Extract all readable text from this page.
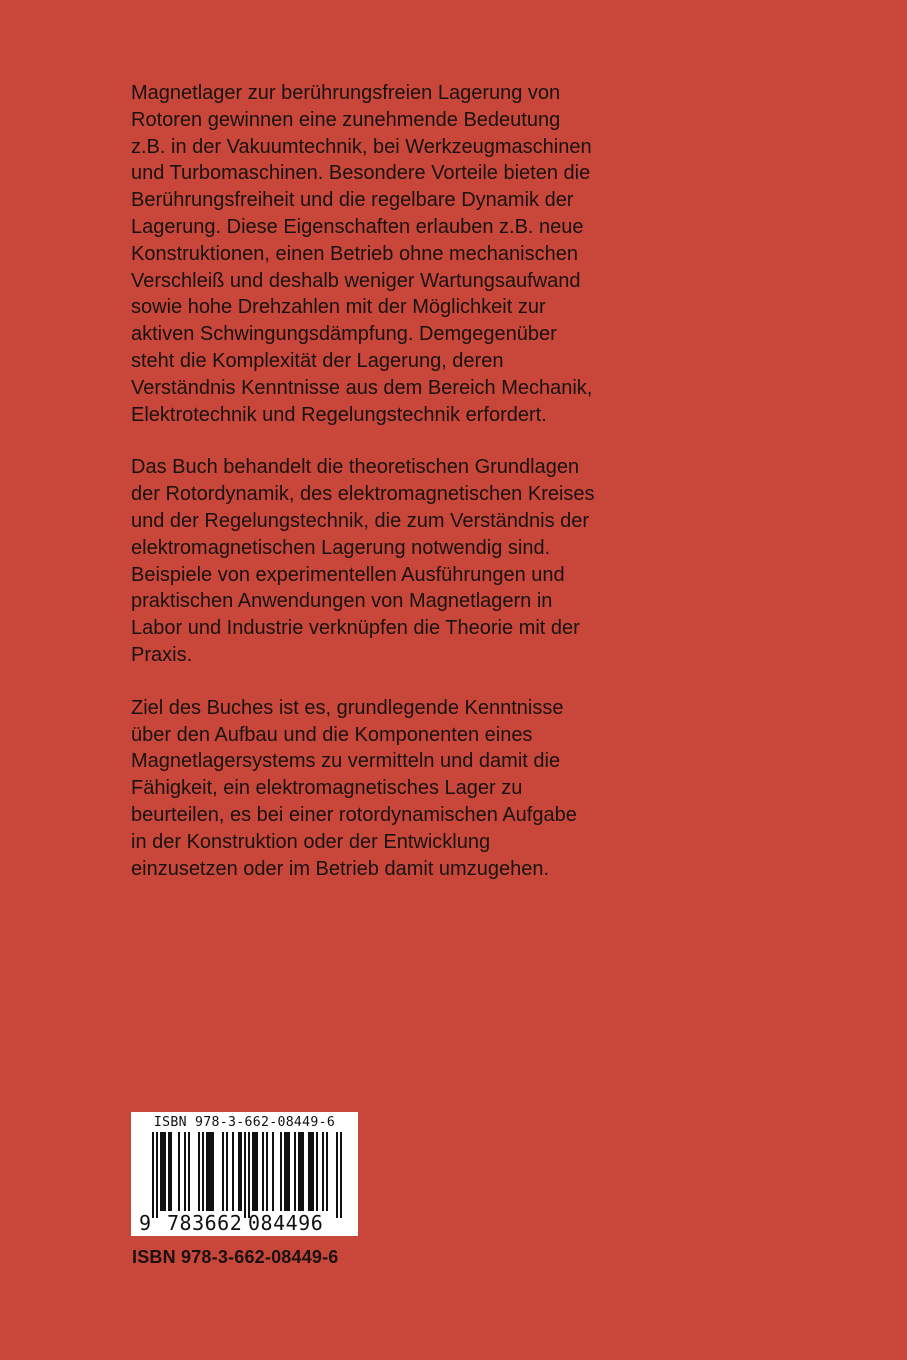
Magnetlager zur berührungsfreien Lagerung von
Rotoren gewinnen eine zunehmende Bedeutung
z.B. in der Vakuumtechnik, bei Werkzeugmaschinen
und Turbomaschinen. Besondere Vorteile bieten die
Berührungsfreiheit und die regelbare Dynamik der
Lagerung. Diese Eigenschaften erlauben z.B. neue
Konstruktionen, einen Betrieb ohne mechanischen
Verschleiß und deshalb weniger Wartungsaufwand
sowie hohe Drehzahlen mit der Möglichkeit zur
aktiven Schwingungsdämpfung. Demgegenüber
steht die Komplexität der Lagerung, deren
Verständnis Kenntnisse aus dem Bereich Mechanik,
Elektrotechnik und Regelungstechnik erfordert.

Das Buch behandelt die theoretischen Grundlagen
der Rotordynamik, des elektromagnetischen Kreises
und der Regelungstechnik, die zum Verständnis der
elektromagnetischen Lagerung notwendig sind.
Beispiele von experimentellen Ausführungen und
praktischen Anwendungen von Magnetlagern in
Labor und Industrie verknüpfen die Theorie mit der
Praxis.

Ziel des Buches ist es, grundlegende Kenntnisse
über den Aufbau und die Komponenten eines
Magnetlagersystems zu vermitteln und damit die
Fähigkeit, ein elektromagnetisches Lager zu
beurteilen, es bei einer rotordynamischen Aufgabe
in der Konstruktion oder der Entwicklung
einzusetzen oder im Betrieb damit umzugehen.

ISBN 978-3-662-08449-6
9 783662 084496
ISBN 978-3-662-08449-6
